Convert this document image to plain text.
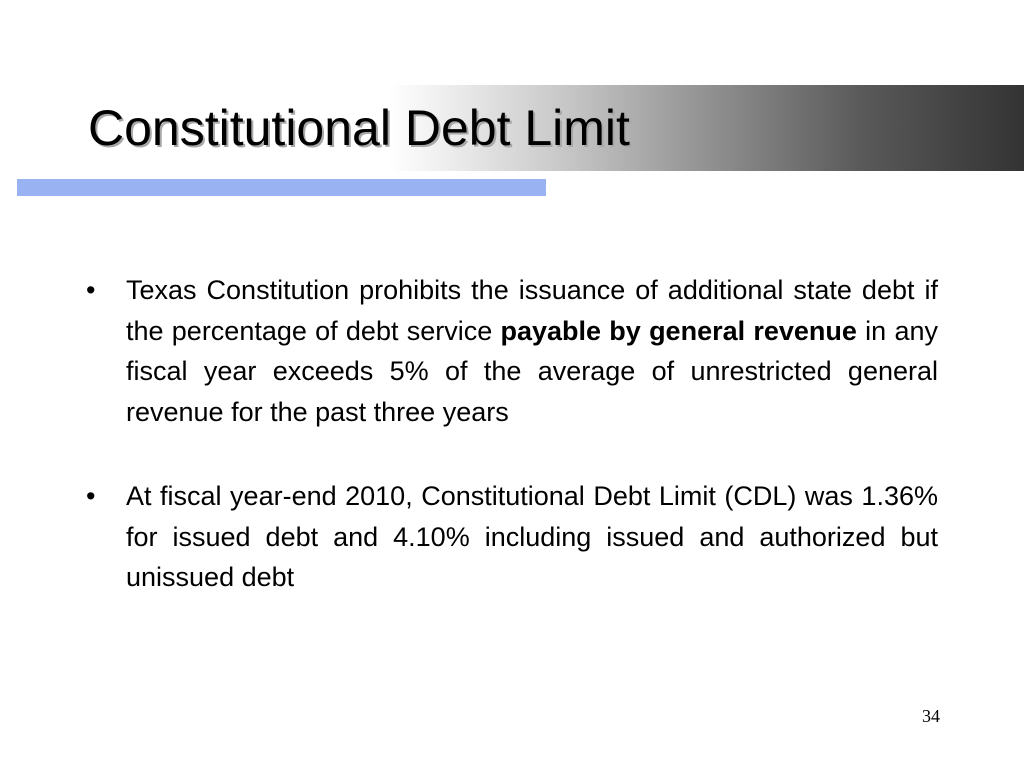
Constitutional Debt Limit
• Texas Constitution prohibits the issuance of additional state debt if the percentage of debt service payable by general revenue in any fiscal year exceeds 5% of the average of unrestricted general revenue for the past three years
• At fiscal year-end 2010, Constitutional Debt Limit (CDL) was 1.36% for issued debt and 4.10% including issued and authorized but unissued debt
34
